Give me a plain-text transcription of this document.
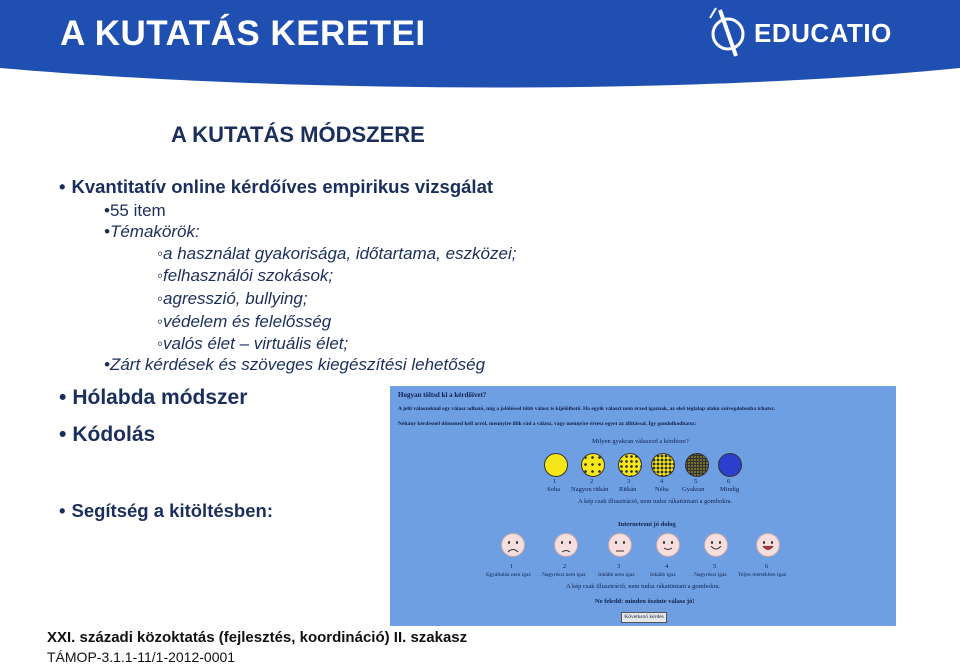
A KUTATÁS KERETEI	EDUCATIO
A KUTATÁS MÓDSZERE
• Kvantitatív online kérdőíves empirikus vizsgálat
•55 item
•Témakörök:
◦a használat gyakorisága, időtartama, eszközei;
◦felhasználói szokások;
◦agresszió, bullying;
◦védelem és felelősség
◦valós élet – virtuális élet;
•Zárt kérdések és szöveges kiegészítési lehetőség
• Hólabda módszer
• Kódolás
• Segítség a kitöltésben:
Hogyan töltsd ki a kérdőívet?
A jelű válaszoknál egy válasz adható, míg a jelöléssel több válasz is kijelölhető. Ha egyik választ nem érzed igaznak, az első téglalap alakú szövegdobozba írhatsz.
Néhány kérdésnél döntened kell arról, mennyire illik rád a válasz, vagy mennyire értesz egyet az állítással. Így gondolkodhatsz:
Milyen gyakran válaszod a kérdésre?
1	2	3	4	5	6
Soha Nagyon ritkán Ritkán	Néha Gyakran Mindig
A kép csak illusztráció, nem tudsz rákattintani a gombokra.
Internetezni jó dolog
1	2	3	4	5	6
Egyáltalán nem igaz Nagyrészt nem igaz Inkább nem igaz	Inkább igaz	Nagyrészt igaz Teljes mértékben igaz
A kép csak illusztráció, nem tudsz rákattintani a gombokra.
Ne feledd: minden őszinte válasz jó!
Következő kérdés
XXI. századi közoktatás (fejlesztés, koordináció) II. szakasz
TÁMOP-3.1.1-11/1-2012-0001
